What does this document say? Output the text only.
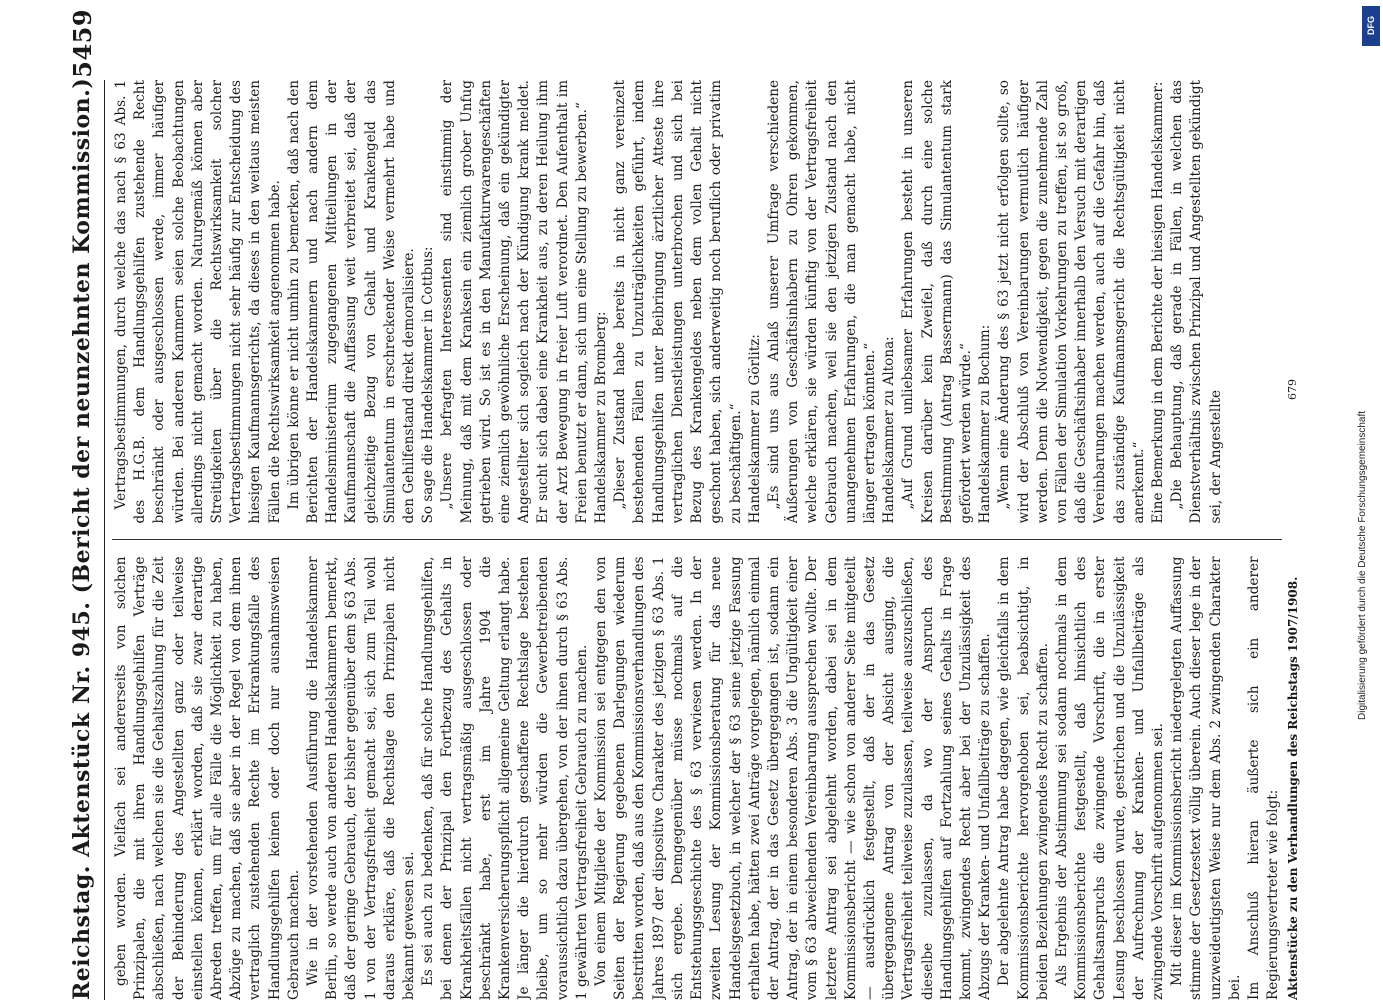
Reichstag. Aktenstück Nr. 945. (Bericht der neunzehnten Kommission.)
5459

geben worden. Vielfach sei andererseits von solchen Prinzipalen, die mit ihren Handlungsgehilfen Verträge abschließen, nach welchen sie die Gehaltszahlung für die Zeit der Behinderung des Angestellten ganz oder teilweise einstellen können, erklärt worden, daß sie zwar derartige Abreden treffen, um für alle Fälle die Möglichkeit zu haben, Abzüge zu machen, daß sie aber in der Regel von dem ihnen vertraglich zustehenden Rechte im Erkrankungsfalle des Handlungsgehilfen keinen oder doch nur ausnahmsweisen Gebrauch machen. Wie in der vorstehenden Ausführung die Handelskammer Berlin, so werde auch von anderen Handelskammern bemerkt, daß der geringe Gebrauch, der bisher gegenüber dem § 63 Abs. 1 von der Vertragsfreiheit gemacht sei, sich zum Teil wohl daraus erkläre, daß die Rechtslage den Prinzipalen nicht bekannt gewesen sei. Es sei auch zu bedenken, daß für solche Handlungsgehilfen, bei denen der Prinzipal den Fortbezug des Gehalts in Krankheitsfällen nicht vertragsmäßig ausgeschlossen oder beschränkt habe, erst im Jahre 1904 die Krankenversicherungspflicht allgemeine Geltung erlangt habe. Je länger die hierdurch geschaffene Rechtslage bestehen bleibe, um so mehr würden die Gewerbetreibenden voraussichtlich dazu übergehen, von der ihnen durch § 63 Abs. 1 gewährten Vertragsfreiheit Gebrauch zu machen. Von einem Mitgliede der Kommission sei entgegen den von Seiten der Regierung gegebenen Darlegungen wiederum bestritten worden, daß aus den Kommissionsverhandlungen des Jahres 1897 der dispositive Charakter des jetzigen § 63 Abs. 1 sich ergebe. Demgegenüber müsse nochmals auf die Entstehungsgeschichte des § 63 verwiesen werden. In der zweiten Lesung der Kommissionsberatung für das neue Handelsgesetzbuch, in welcher der § 63 seine jetzige Fassung erhalten habe, hätten zwei Anträge vorgelegen, nämlich einmal der Antrag, der in das Gesetz übergegangen ist, sodann ein Antrag, der in einem besonderen Abs. 3 die Ungültigkeit einer vom § 63 abweichenden Vereinbarung aussprechen wollte. Der letztere Antrag sei abgelehnt worden, dabei sei in dem Kommissionsbericht — wie schon von anderer Seite mitgeteilt — ausdrücklich festgestellt, daß der in das Gesetz übergegangene Antrag von der Absicht ausging, die Vertragsfreiheit teilweise zuzulassen, teilweise auszuschließen, dieselbe zuzulassen, da wo der Anspruch des Handlungsgehilfen auf Fortzahlung seines Gehalts in Frage kommt, zwingendes Recht aber bei der Unzulässigkeit des Abzugs der Kranken- und Unfallbeiträge zu schaffen. Der abgelehnte Antrag habe dagegen, wie gleichfalls in dem Kommissionsberichte hervorgehoben sei, beabsichtigt, in beiden Beziehungen zwingendes Recht zu schaffen. Als Ergebnis der Abstimmung sei sodann nochmals in dem Kommissionsberichte festgestellt, daß hinsichtlich des Gehaltsanspruchs die zwingende Vorschrift, die in erster Lesung beschlossen wurde, gestrichen und die Unzulässigkeit der Aufrechnung der Kranken- und Unfallbeiträge als zwingende Vorschrift aufgenommen sei. Mit dieser im Kommissionsbericht niedergelegten Auffassung stimme der Gesetzestext völlig überein. Auch dieser lege in der unzweideutigsten Weise nur dem Abs. 2 zwingenden Charakter bei. Im Anschluß hieran äußerte sich ein anderer Regierungsvertreter wie folgt:

Vertragsbestimmungen, durch welche das nach § 63 Abs. 1 des H.G.B. dem Handlungsgehilfen zustehende Recht beschränkt oder ausgeschlossen werde, immer häufiger würden. Bei anderen Kammern seien solche Beobachtungen allerdings nicht gemacht worden. Naturgemäß können aber Streitigkeiten über die Rechtswirksamkeit solcher Vertragsbestimmungen nicht sehr häufig zur Entscheidung des hiesigen Kaufmannsgerichts, da dieses in den weitaus meisten Fällen die Rechtswirksamkeit angenommen habe. Im übrigen könne er nicht umhin zu bemerken, daß nach den Berichten der Handelskammern und nach andern dem Handelsministerium zugegangenen Mitteilungen in der Kaufmannschaft die Auffassung weit verbreitet sei, daß der gleichzeitige Bezug von Gehalt und Krankengeld das Simulantentum in erschreckender Weise vermehrt habe und den Gehilfenstand direkt demoralisiere. So sage die Handelskammer in Cottbus: „Unsere befragten Interessenten sind einstimmig der Meinung, daß mit dem Kranksein ein ziemlich grober Unfug getrieben wird. So ist es in den Manufakturwarengeschäften eine ziemlich gewöhnliche Erscheinung, daß ein gekündigter Angestellter sich sogleich nach der Kündigung krank meldet. Er sucht sich dabei eine Krankheit aus, zu deren Heilung ihm der Arzt Bewegung in freier Luft verordnet. Den Aufenthalt im Freien benutzt er dann, sich um eine Stellung zu bewerben.“ Handelskammer zu Bromberg: „Dieser Zustand habe bereits in nicht ganz vereinzelt bestehenden Fällen zu Unzuträglichkeiten geführt, indem Handlungsgehilfen unter Beibringung ärztlicher Atteste ihre vertraglichen Dienstleistungen unterbrochen und sich bei Bezug des Krankengeldes neben dem vollen Gehalt nicht geschont haben, sich anderweitig noch beruflich oder privatim zu beschäftigen.“ Handelskammer zu Görlitz: „Es sind uns aus Anlaß unserer Umfrage verschiedene Äußerungen von Geschäftsinhabern zu Ohren gekommen, welche erklären, sie würden künftig von der Vertragsfreiheit Gebrauch machen, weil sie den jetzigen Zustand nach den unangenehmen Erfahrungen, die man gemacht habe, nicht länger ertragen könnten.“ Handelskammer zu Altona: „Auf Grund unliebsamer Erfahrungen besteht in unseren Kreisen darüber kein Zweifel, daß durch eine solche Bestimmung (Antrag Bassermann) das Simulantentum stark gefördert werden würde.“ Handelskammer zu Bochum: „Wenn eine Änderung des § 63 jetzt nicht erfolgen sollte, so wird der Abschluß von Vereinbarungen vermutlich häufiger werden. Denn die Notwendigkeit, gegen die zunehmende Zahl von Fällen der Simulation Vorkehrungen zu treffen, ist so groß, daß die Geschäftsinhaber innerhalb den Versuch mit derartigen Vereinbarungen machen werden, auch auf die Gefahr hin, daß das zuständige Kaufmannsgericht die Rechtsgültigkeit nicht anerkennt.“ Eine Bemerkung in dem Berichte der hiesigen Handelskammer: „Die Behauptung, daß gerade in Fällen, in welchen das Dienstverhältnis zwischen Prinzipal und Angestellten gekündigt sei, der Angestellte

Aktenstücke zu den Verhandlungen des Reichstags 1907/1908.
679
Digitalisierung gefördert durch die Deutsche Forschungsgemeinschaft
DFG
